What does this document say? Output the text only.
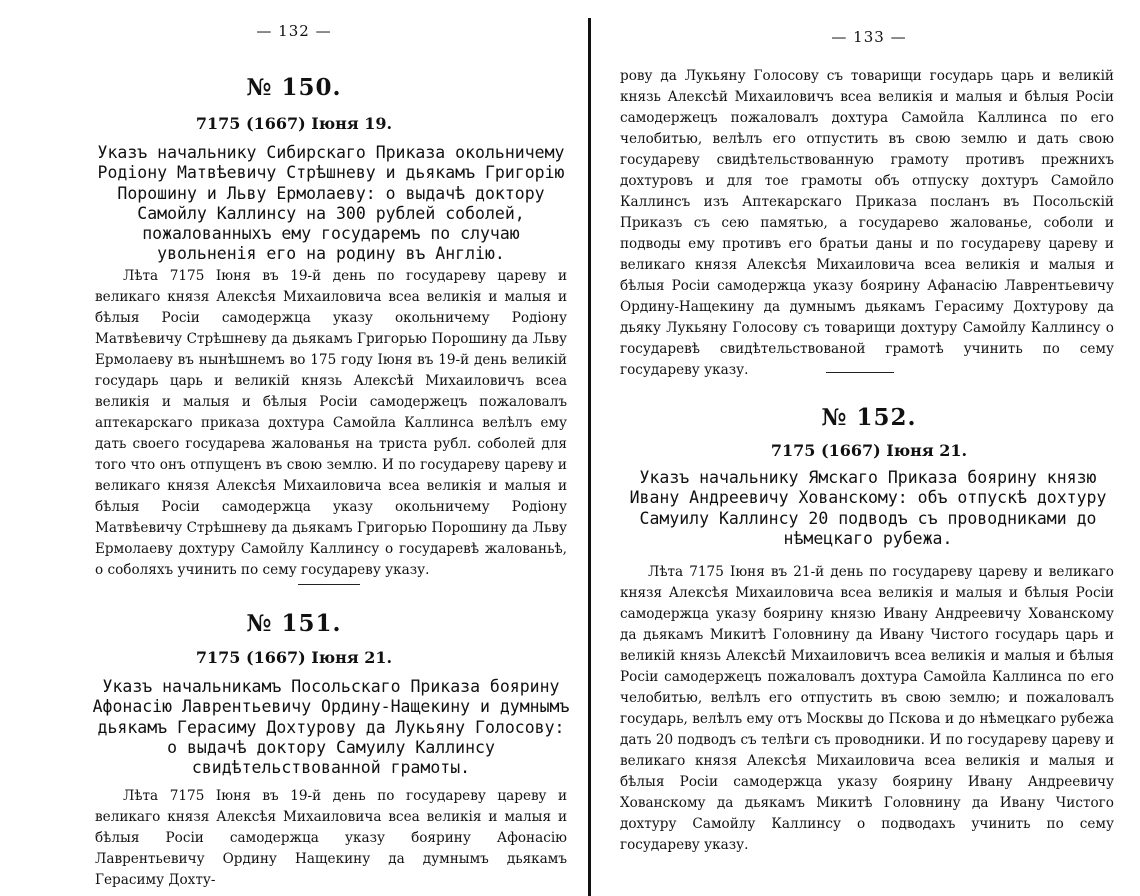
— 132 —
№ 150.
7175 (1667) Iюня 19.
Указъ начальнику Сибирскаго Приказа окольничему Родiону Матвѣевичу Стрѣшневу и дьякамъ Григорiю Порошину и Львy Ермолаеву: о выдачѣ доктору Самойлу Каллинсу на 300 рублей соболей, пожалованныхъ ему государемъ по случаю увольненiя его на родину въ Англiю.
Лѣта 7175 Iюня въ 19-й день по государеву царевy и великаго князя Алексѣя Михаиловича всеа великiя и малыя и бѣлыя Росiи самодержца указу окольничему Родiону Матвѣевичу Стрѣшневу да дьякамъ Григорью Порошину да Льву Ермолаеву въ нынѣшнемъ во 175 году Iюня въ 19-й день великiй государь царь и великiй князь Алексѣй Михаиловичъ всеа великiя и малыя и бѣлыя Росiи самодержецъ пожаловалъ аптекарскаго приказа дохтура Самойла Каллинса велѣлъ ему дать своего государева жалованья на триста рубл. соболей для того что онъ отпущенъ въ свою землю. И по государеву царевy и великаго князя Алексѣя Михаиловича всеа великiя и малыя и бѣлыя Росiи самодержца указу окольничему Родiону Матвѣевичу Стрѣшневу да дьякамъ Григорью Порошину да Льву Ермолаеву дохтуру Самойлу Каллинсу о государевѣ жалованьѣ, о соболяхъ учинить по сему государеву указу.
№ 151.
7175 (1667) Iюня 21.
Указъ начальникамъ Посольскаго Приказа боярину Афонасiю Лаврентьевичу Ордину-Нащекину и думнымъ дьякамъ Герасиму Дохтурову да Лукьяну Голосову: о выдачѣ доктору Самуилу Каллинсу свидѣтельствованной грамоты.
Лѣта 7175 Iюня въ 19-й день по государеву царевy и великаго князя Алексѣя Михаиловича всеа великiя и малыя и бѣлыя Росiи самодержца указу боярину Афонасiю Лаврентьевичу Ордину Нащекину да думнымъ дьякамъ Герасиму Дохту-
— 133 —
рову да Лукьяну Голосову съ товарищи государь царь и великiй князь Алексѣй Михаиловичъ всеа великiя и малыя и бѣлыя Росiи самодержецъ пожаловалъ дохтура Самойла Каллинса по его челобитью, велѣлъ его отпустить въ свою землю и дать свою государеву свидѣтельствованную грамоту противъ прежнихъ дохтуровъ и для тое грамоты объ отпуску дохтуръ Самойло Каллинсъ изъ Аптекарскаго Приказа посланъ въ Посольскiй Приказъ съ сею памятью, а государево жалованье, соболи и подводы ему противъ его братьи даны и по государеву царевy и великаго князя Алексѣя Михаиловича всеа великiя и малыя и бѣлыя Росiи самодержца указу боярину Афанасiю Лаврентьевичу Ордину-Нащекину да думнымъ дьякамъ Герасиму Дохтурову да дьяку Лукьяну Голосову съ товарищи дохтуру Самойлу Каллинсу о государевѣ свидѣтельствованой грамотѣ учинить по сему государеву указу.
№ 152.
7175 (1667) Iюня 21.
Указъ начальнику Ямскаго Приказа боярину князю Ивану Андреевичу Хованскому: объ отпускѣ дохтуру Самуилу Каллинсу 20 подводъ съ проводниками до нѣмецкаго рубежа.
Лѣта 7175 Iюня въ 21-й день по государеву царевy и великаго князя Алексѣя Михаиловича всеа великiя и малыя и бѣлыя Росiи самодержца указу боярину князю Ивану Андреевичу Хованскому да дьякамъ Микитѣ Головнину да Ивану Чистого государь царь и великiй князь Алексѣй Михаиловичъ всеа великiя и малыя и бѣлыя Росiи самодержецъ пожаловалъ дохтура Самойла Каллинса по его челобитью, велѣлъ его отпустить въ свою землю; и пожаловалъ государь, велѣлъ ему отъ Москвы до Пскова и до нѣмецкаго рубежа дать 20 подводъ съ телѣги съ проводники. И по государеву царевy и великаго князя Алексѣя Михаиловича всеа великiя и малыя и бѣлыя Росiи самодержца указу боярину Ивану Андреевичу Хованскому да дьякамъ Микитѣ Головнину да Ивану Чистого дохтуру Самойлу Каллинсу о подводахъ учинить по сему государеву указу.
